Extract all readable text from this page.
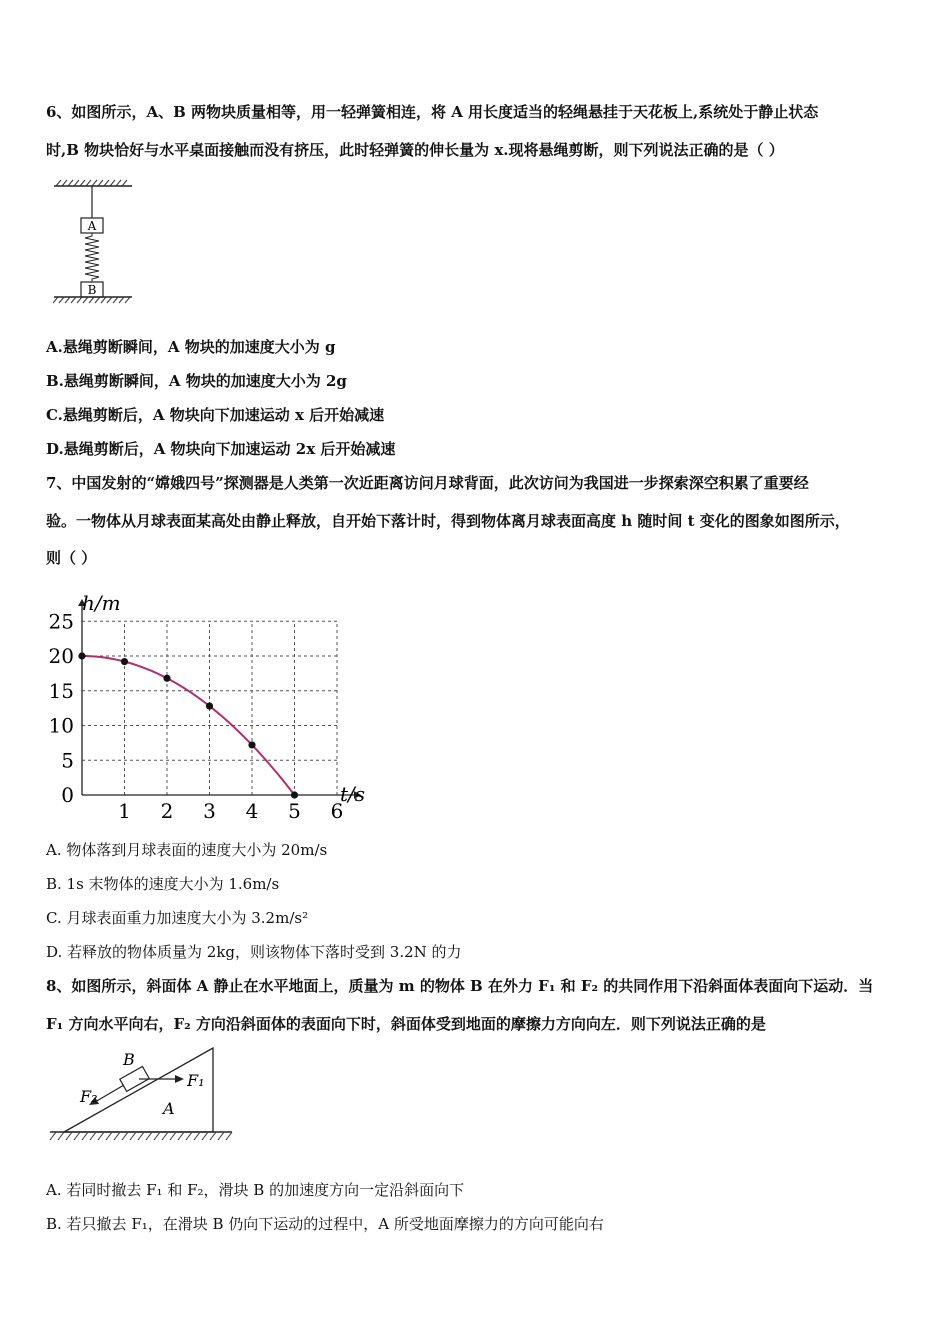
6、如图所示，A、B 两物块质量相等，用一轻弹簧相连，将 A 用长度适当的轻绳悬挂于天花板上,系统处于静止状态
时,B 物块恰好与水平桌面接触而没有挤压，此时轻弹簧的伸长量为 x.现将悬绳剪断，则下列说法正确的是（ ）
A
B
A.悬绳剪断瞬间，A 物块的加速度大小为 g
B.悬绳剪断瞬间，A 物块的加速度大小为 2g
C.悬绳剪断后，A 物块向下加速运动 x 后开始减速
D.悬绳剪断后，A 物块向下加速运动 2x 后开始减速
7、中国发射的“嫦娥四号”探测器是人类第一次近距离访问月球背面，此次访问为我国进一步探索深空积累了重要经
验。一物体从月球表面某高处由静止释放，自开始下落计时，得到物体离月球表面高度 h 随时间 t 变化的图象如图所示，
则（ ）
1 2 3 4 5 6
0
5
10
15
20
25
h/m
t/s
A. 物体落到月球表面的速度大小为 20m/s
B. 1s 末物体的速度大小为 1.6m/s
C. 月球表面重力加速度大小为 3.2m/s²
D. 若释放的物体质量为 2kg，则该物体下落时受到 3.2N 的力
8、如图所示，斜面体 A 静止在水平地面上，质量为 m 的物体 B 在外力 F₁ 和 F₂ 的共同作用下沿斜面体表面向下运动．当
F₁ 方向水平向右，F₂ 方向沿斜面体的表面向下时，斜面体受到地面的摩擦力方向向左．则下列说法正确的是
B
F₁
F₂
A
A. 若同时撤去 F₁ 和 F₂，滑块 B 的加速度方向一定沿斜面向下
B. 若只撤去 F₁，在滑块 B 仍向下运动的过程中，A 所受地面摩擦力的方向可能向右
